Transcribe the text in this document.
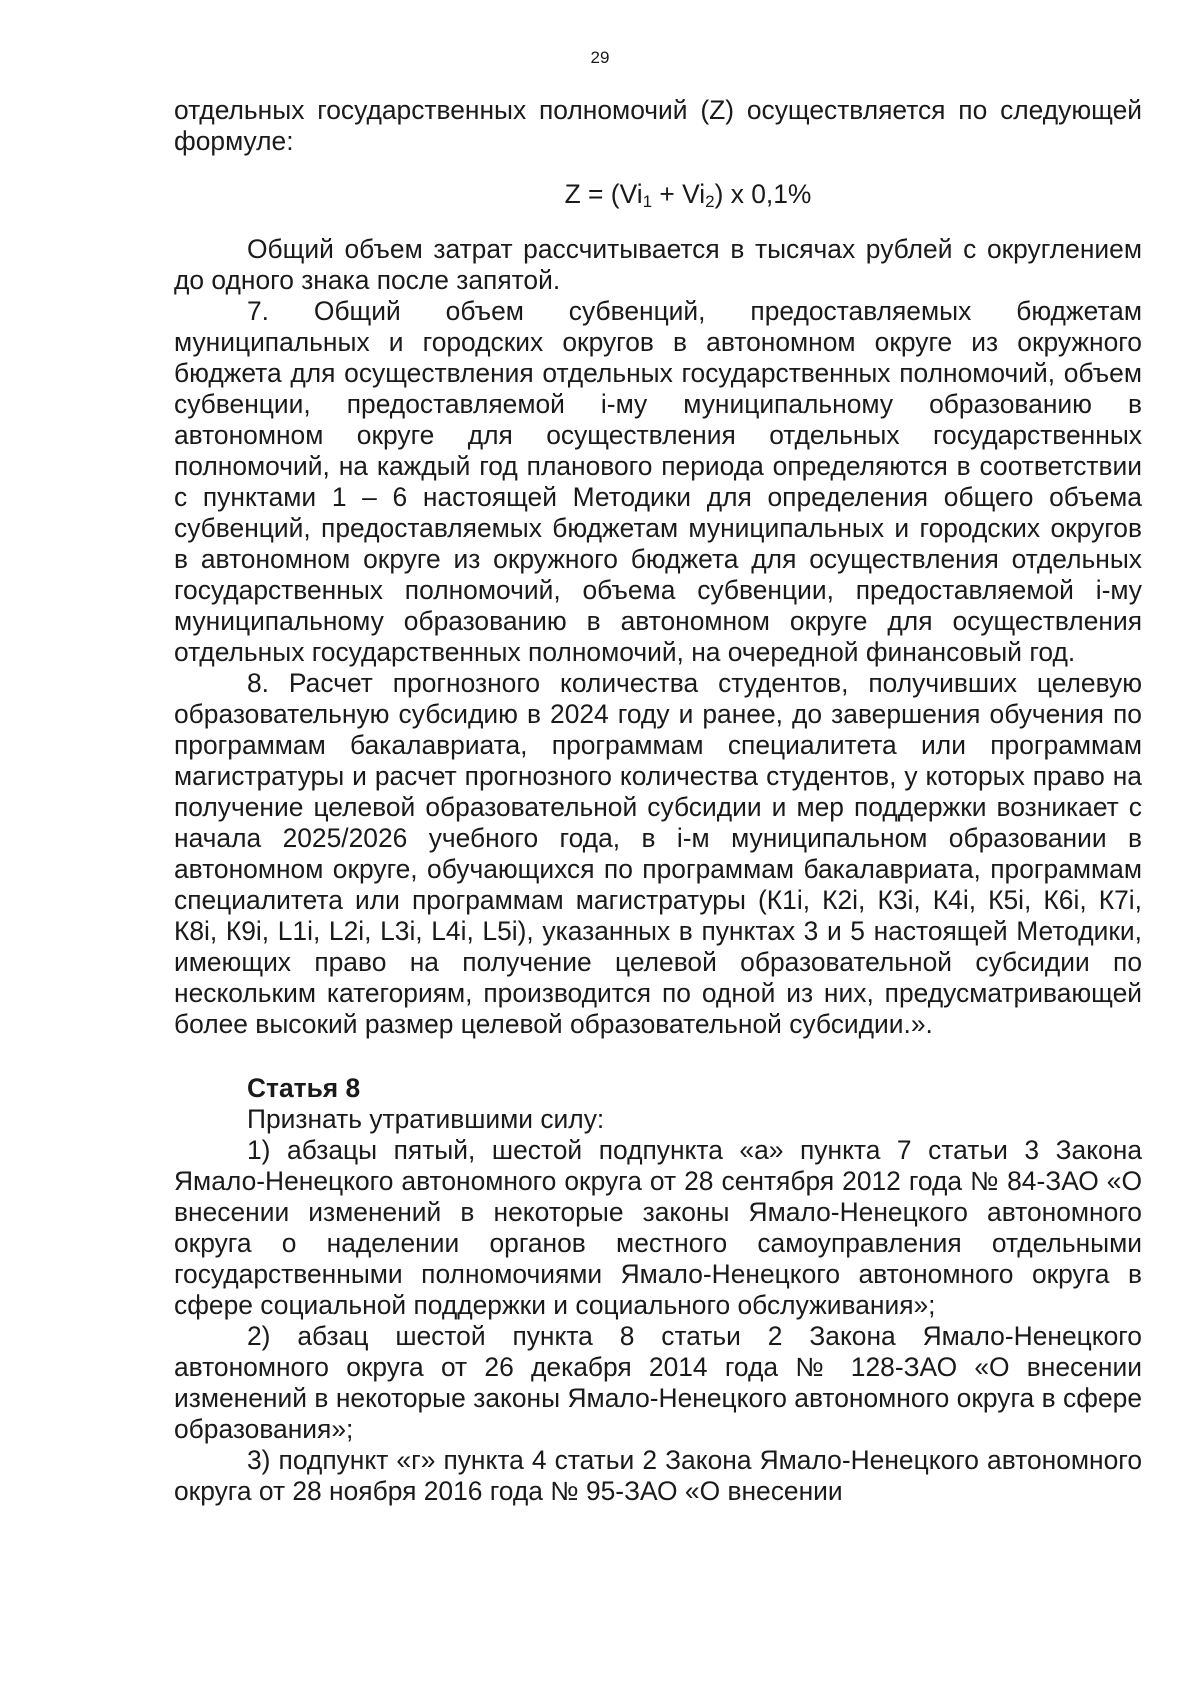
29

отдельных государственных полномочий (Z) осуществляется по следующей формуле:

$Z = (Vi_1 + Vi_2)$ х 0,1%

Общий объем затрат рассчитывается в тысячах рублей с округлением до одного знака после запятой.

7. Общий объем субвенций, предоставляемых бюджетам муниципальных и городских округов в автономном округе из окружного бюджета для осуществления отдельных государственных полномочий, объем субвенции, предоставляемой i-му муниципальному образованию в автономном округе для осуществления отдельных государственных полномочий, на каждый год планового периода определяются в соответствии с пунктами 1 – 6 настоящей Методики для определения общего объема субвенций, предоставляемых бюджетам муниципальных и городских округов в автономном округе из окружного бюджета для осуществления отдельных государственных полномочий, объема субвенции, предоставляемой i-му муниципальному образованию в автономном округе для осуществления отдельных государственных полномочий, на очередной финансовый год.

8. Расчет прогнозного количества студентов, получивших целевую образовательную субсидию в 2024 году и ранее, до завершения обучения по программам бакалавриата, программам специалитета или программам магистратуры и расчет прогнозного количества студентов, у которых право на получение целевой образовательной субсидии и мер поддержки возникает с начала 2025/2026 учебного года, в i-м муниципальном образовании в автономном округе, обучающихся по программам бакалавриата, программам специалитета или программам магистратуры (К1i, К2i, К3i, К4i, К5i, К6i, К7i, К8i, К9i, L1i, L2i, L3i, L4i, L5i), указанных в пунктах 3 и 5 настоящей Методики, имеющих право на получение целевой образовательной субсидии по нескольким категориям, производится по одной из них, предусматривающей более высокий размер целевой образовательной субсидии.».

Статья 8

Признать утратившими силу:

1) абзацы пятый, шестой подпункта «а» пункта 7 статьи 3 Закона Ямало-Ненецкого автономного округа от 28 сентября 2012 года № 84-ЗАО «О внесении изменений в некоторые законы Ямало-Ненецкого автономного округа о наделении органов местного самоуправления отдельными государственными полномочиями Ямало-Ненецкого автономного округа в сфере социальной поддержки и социального обслуживания»;

2) абзац шестой пункта 8 статьи 2 Закона Ямало-Ненецкого автономного округа от 26 декабря 2014 года № 128-ЗАО «О внесении изменений в некоторые законы Ямало-Ненецкого автономного округа в сфере образования»;

3) подпункт «г» пункта 4 статьи 2 Закона Ямало-Ненецкого автономного округа от 28 ноября 2016 года № 95-ЗАО «О внесении
